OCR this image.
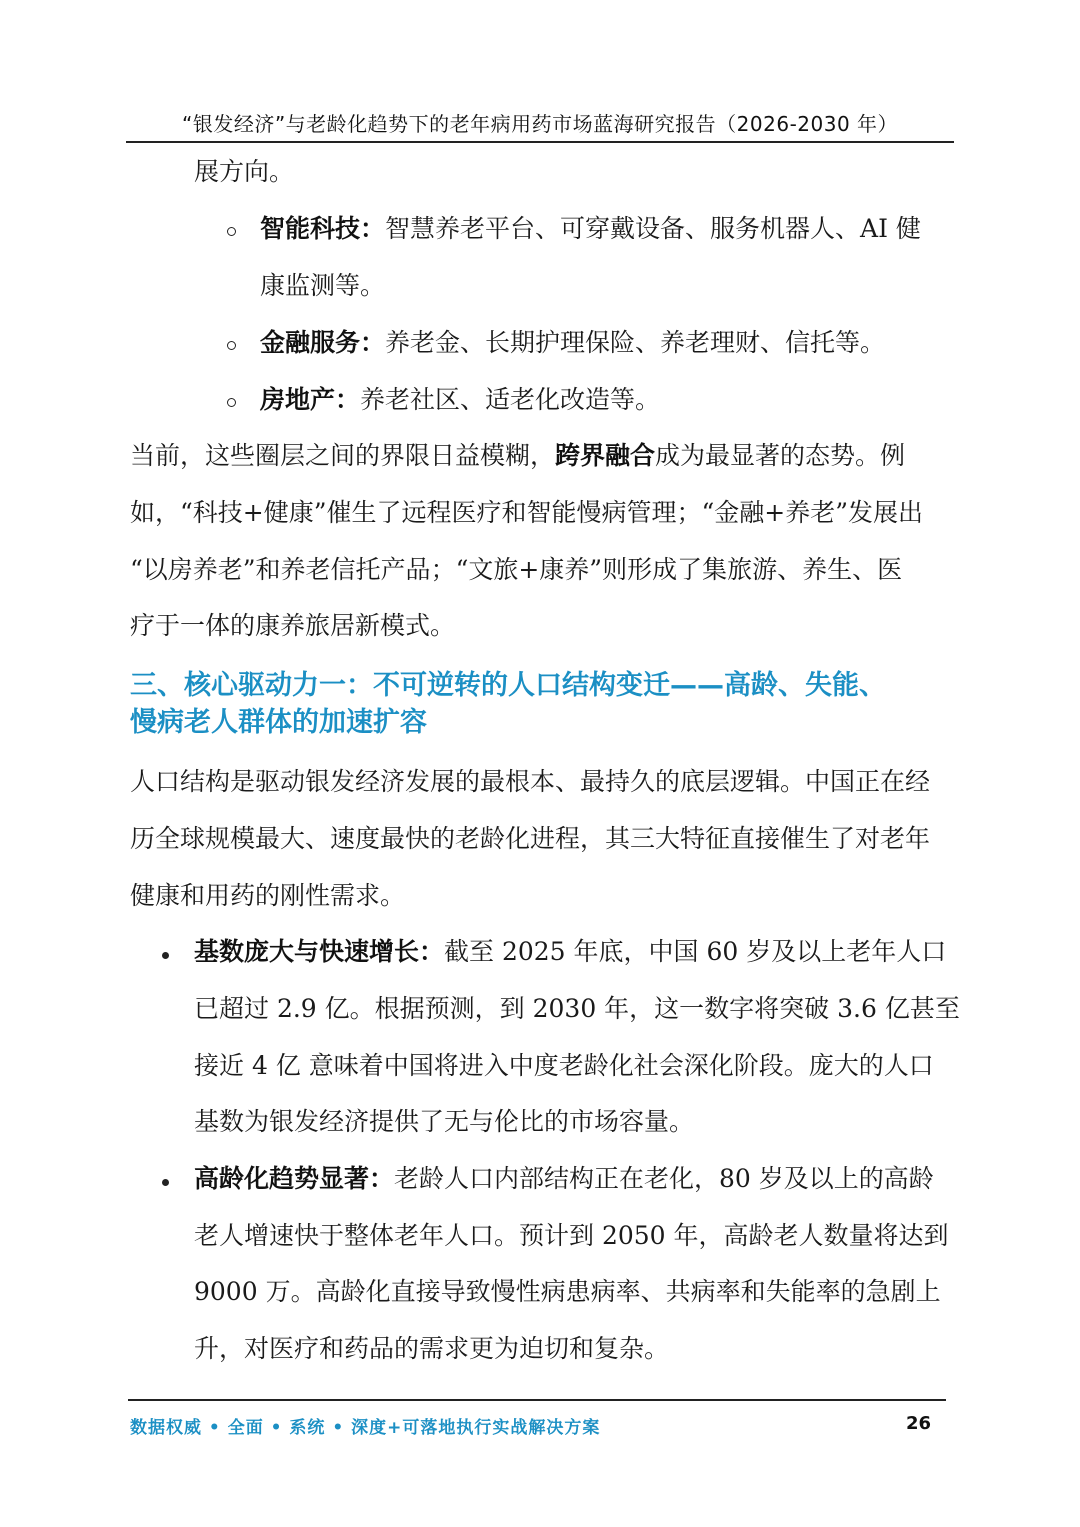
“银发经济”与老龄化趋势下的老年病用药市场蓝海研究报告（2026-2030 年）
展方向。
智能科技：智慧养老平台、可穿戴设备、服务机器人、AI 健
康监测等。
金融服务：养老金、长期护理保险、养老理财、信托等。
房地产：养老社区、适老化改造等。
当前，这些圈层之间的界限日益模糊，跨界融合成为最显著的态势。例
如，“科技+健康”催生了远程医疗和智能慢病管理；“金融+养老”发展出
“以房养老”和养老信托产品；“文旅+康养”则形成了集旅游、养生、医
疗于一体的康养旅居新模式。
三、核心驱动力一：不可逆转的人口结构变迁——高龄、失能、
慢病老人群体的加速扩容
人口结构是驱动银发经济发展的最根本、最持久的底层逻辑。中国正在经
历全球规模最大、速度最快的老龄化进程，其三大特征直接催生了对老年
健康和用药的刚性需求。
基数庞大与快速增长：截至 2025 年底，中国 60 岁及以上老年人口
已超过 2.9 亿。根据预测，到 2030 年，这一数字将突破 3.6 亿甚至
接近 4 亿 意味着中国将进入中度老龄化社会深化阶段。庞大的人口
基数为银发经济提供了无与伦比的市场容量。
高龄化趋势显著：老龄人口内部结构正在老化，80 岁及以上的高龄
老人增速快于整体老年人口。预计到 2050 年，高龄老人数量将达到
9000 万。高龄化直接导致慢性病患病率、共病率和失能率的急剧上
升，对医疗和药品的需求更为迫切和复杂。
数据权威 • 全面 • 系统 • 深度+可落地执行实战解决方案	26
